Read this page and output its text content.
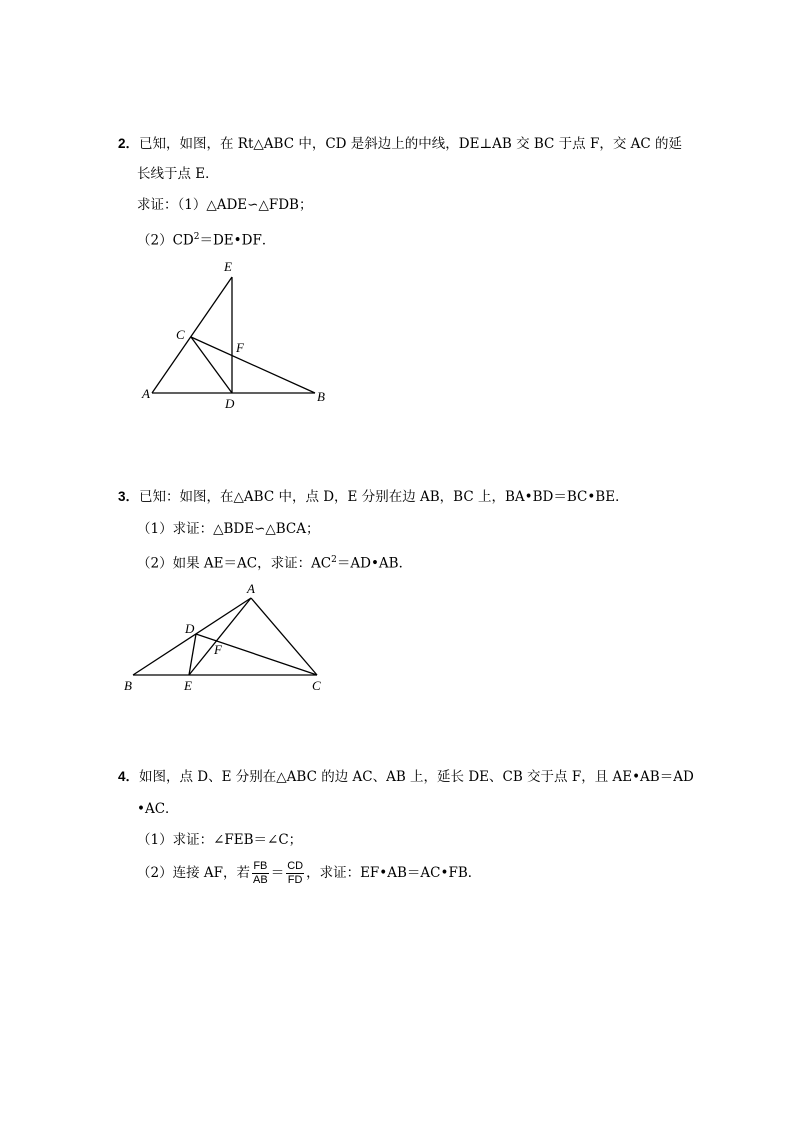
2．已知，如图，在 Rt△ABC 中，CD 是斜边上的中线，DE⊥AB 交 BC 于点 F，交 AC 的延
长线于点 E．
求证：（1）△ADE∽△FDB；
$(2)CD^2=DE•DF$．
E
C
F
A
D	B
3．已知：如图，在△ABC 中，点 D，E 分别在边 AB，BC 上，BA•BD＝BC•BE．
（1）求证：△BDE∽△BCA；
（2）如果 AE＝AC，求证：$AC^2=AD•AB$．
A
D
F
B	E	C
4．如图，点 D、E 分别在△ABC 的边 AC、AB 上，延长 DE、CB 交于点 F，且 AE•AB＝AD
•AC．
（1）求证：∠FEB＝∠C；
（2）连接 AF，若 $\frac{FB}{AB} = \frac{CD}{FD}$ ，求证：EF•AB＝AC•FB．
